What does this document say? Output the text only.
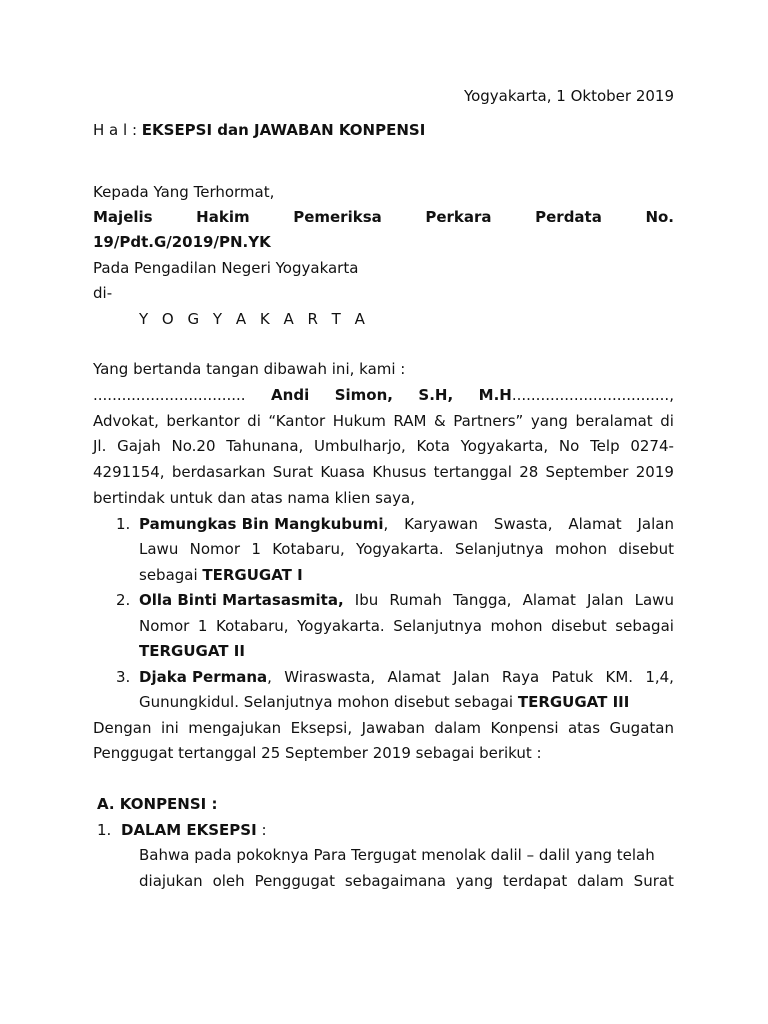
Yogyakarta, 1 Oktober 2019
H a l : EKSEPSI dan JAWABAN KONPENSI
Kepada Yang Terhormat,
Majelis	Hakim	Pemeriksa	Perkara	Perdata	No.
19/Pdt.G/2019/PN.YK
Pada Pengadilan Negeri Yogyakarta
di-
Y O G Y A K A R T A
Yang bertanda tangan dibawah ini, kami :
................................ Andi Simon, S.H, M.H.................................,
Advokat, berkantor di “Kantor Hukum RAM & Partners” yang beralamat di
Jl. Gajah No.20 Tahunana, Umbulharjo, Kota Yogyakarta, No Telp 0274-
4291154, berdasarkan Surat Kuasa Khusus tertanggal 28 September 2019
bertindak untuk dan atas nama klien saya,
1. Pamungkas Bin Mangkubumi, Karyawan Swasta, Alamat Jalan
Lawu Nomor 1 Kotabaru, Yogyakarta. Selanjutnya mohon disebut
sebagai TERGUGAT I
2. Olla Binti Martasasmita, Ibu Rumah Tangga, Alamat Jalan Lawu
Nomor 1 Kotabaru, Yogyakarta. Selanjutnya mohon disebut sebagai
TERGUGAT II
3. Djaka Permana, Wiraswasta, Alamat Jalan Raya Patuk KM. 1,4,
Gunungkidul. Selanjutnya mohon disebut sebagai TERGUGAT III
Dengan ini mengajukan Eksepsi, Jawaban dalam Konpensi atas Gugatan
Penggugat tertanggal 25 September 2019 sebagai berikut :
A. KONPENSI :
1. DALAM EKSEPSI :
Bahwa pada pokoknya Para Tergugat menolak dalil – dalil yang telah
diajukan oleh Penggugat sebagaimana yang terdapat dalam Surat
